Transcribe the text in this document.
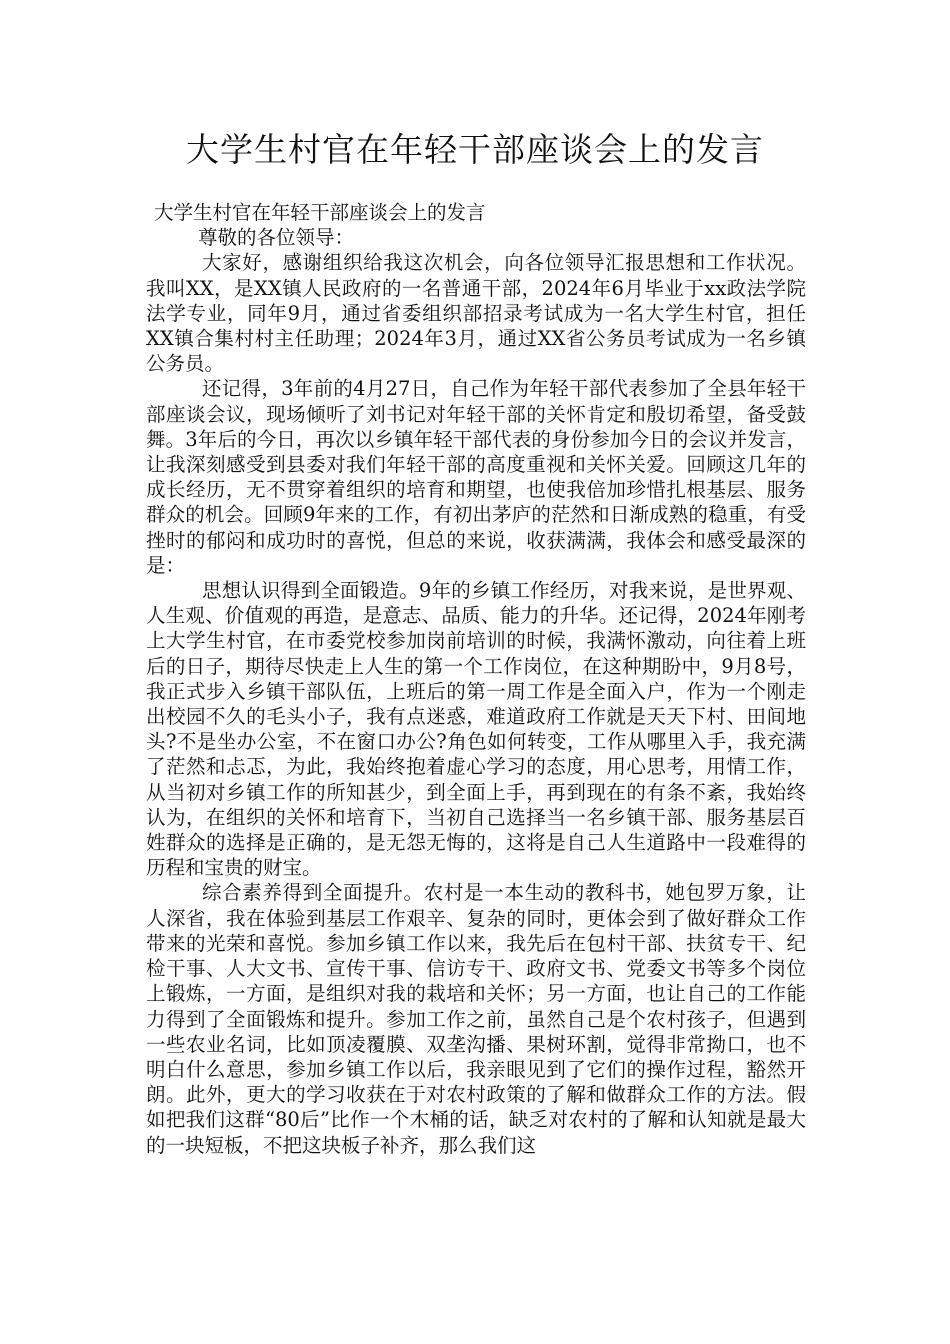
大学生村官在年轻干部座谈会上的发言

大学生村官在年轻干部座谈会上的发言

尊敬的各位领导：

大家好，感谢组织给我这次机会，向各位领导汇报思想和工作状况。我叫XX，是XX镇人民政府的一名普通干部，2024年6月毕业于xx政法学院法学专业，同年9月，通过省委组织部招录考试成为一名大学生村官，担任XX镇合集村村主任助理；2024年3月，通过XX省公务员考试成为一名乡镇公务员。

还记得，3年前的4月27日，自己作为年轻干部代表参加了全县年轻干部座谈会议，现场倾听了刘书记对年轻干部的关怀肯定和殷切希望，备受鼓舞。3年后的今日，再次以乡镇年轻干部代表的身份参加今日的会议并发言，让我深刻感受到县委对我们年轻干部的高度重视和关怀关爱。回顾这几年的成长经历，无不贯穿着组织的培育和期望，也使我倍加珍惜扎根基层、服务群众的机会。回顾9年来的工作，有初出茅庐的茫然和日渐成熟的稳重，有受挫时的郁闷和成功时的喜悦，但总的来说，收获满满，我体会和感受最深的是：

思想认识得到全面锻造。9年的乡镇工作经历，对我来说，是世界观、人生观、价值观的再造，是意志、品质、能力的升华。还记得，2024年刚考上大学生村官，在市委党校参加岗前培训的时候，我满怀激动，向往着上班后的日子，期待尽快走上人生的第一个工作岗位，在这种期盼中，9月8号，我正式步入乡镇干部队伍，上班后的第一周工作是全面入户，作为一个刚走出校园不久的毛头小子，我有点迷惑，难道政府工作就是天天下村、田间地头?不是坐办公室，不在窗口办公?角色如何转变，工作从哪里入手，我充满了茫然和忐忑，为此，我始终抱着虚心学习的态度，用心思考，用情工作，从当初对乡镇工作的所知甚少，到全面上手，再到现在的有条不紊，我始终认为，在组织的关怀和培育下，当初自己选择当一名乡镇干部、服务基层百姓群众的选择是正确的，是无怨无悔的，这将是自己人生道路中一段难得的历程和宝贵的财宝。

综合素养得到全面提升。农村是一本生动的教科书，她包罗万象，让人深省，我在体验到基层工作艰辛、复杂的同时，更体会到了做好群众工作带来的光荣和喜悦。参加乡镇工作以来，我先后在包村干部、扶贫专干、纪检干事、人大文书、宣传干事、信访专干、政府文书、党委文书等多个岗位上锻炼，一方面，是组织对我的栽培和关怀；另一方面，也让自己的工作能力得到了全面锻炼和提升。参加工作之前，虽然自己是个农村孩子，但遇到一些农业名词，比如顶凌覆膜、双垄沟播、果树环割，觉得非常拗口，也不明白什么意思，参加乡镇工作以后，我亲眼见到了它们的操作过程，豁然开朗。此外，更大的学习收获在于对农村政策的了解和做群众工作的方法。假如把我们这群“80后”比作一个木桶的话，缺乏对农村的了解和认知就是最大的一块短板，不把这块板子补齐，那么我们这
